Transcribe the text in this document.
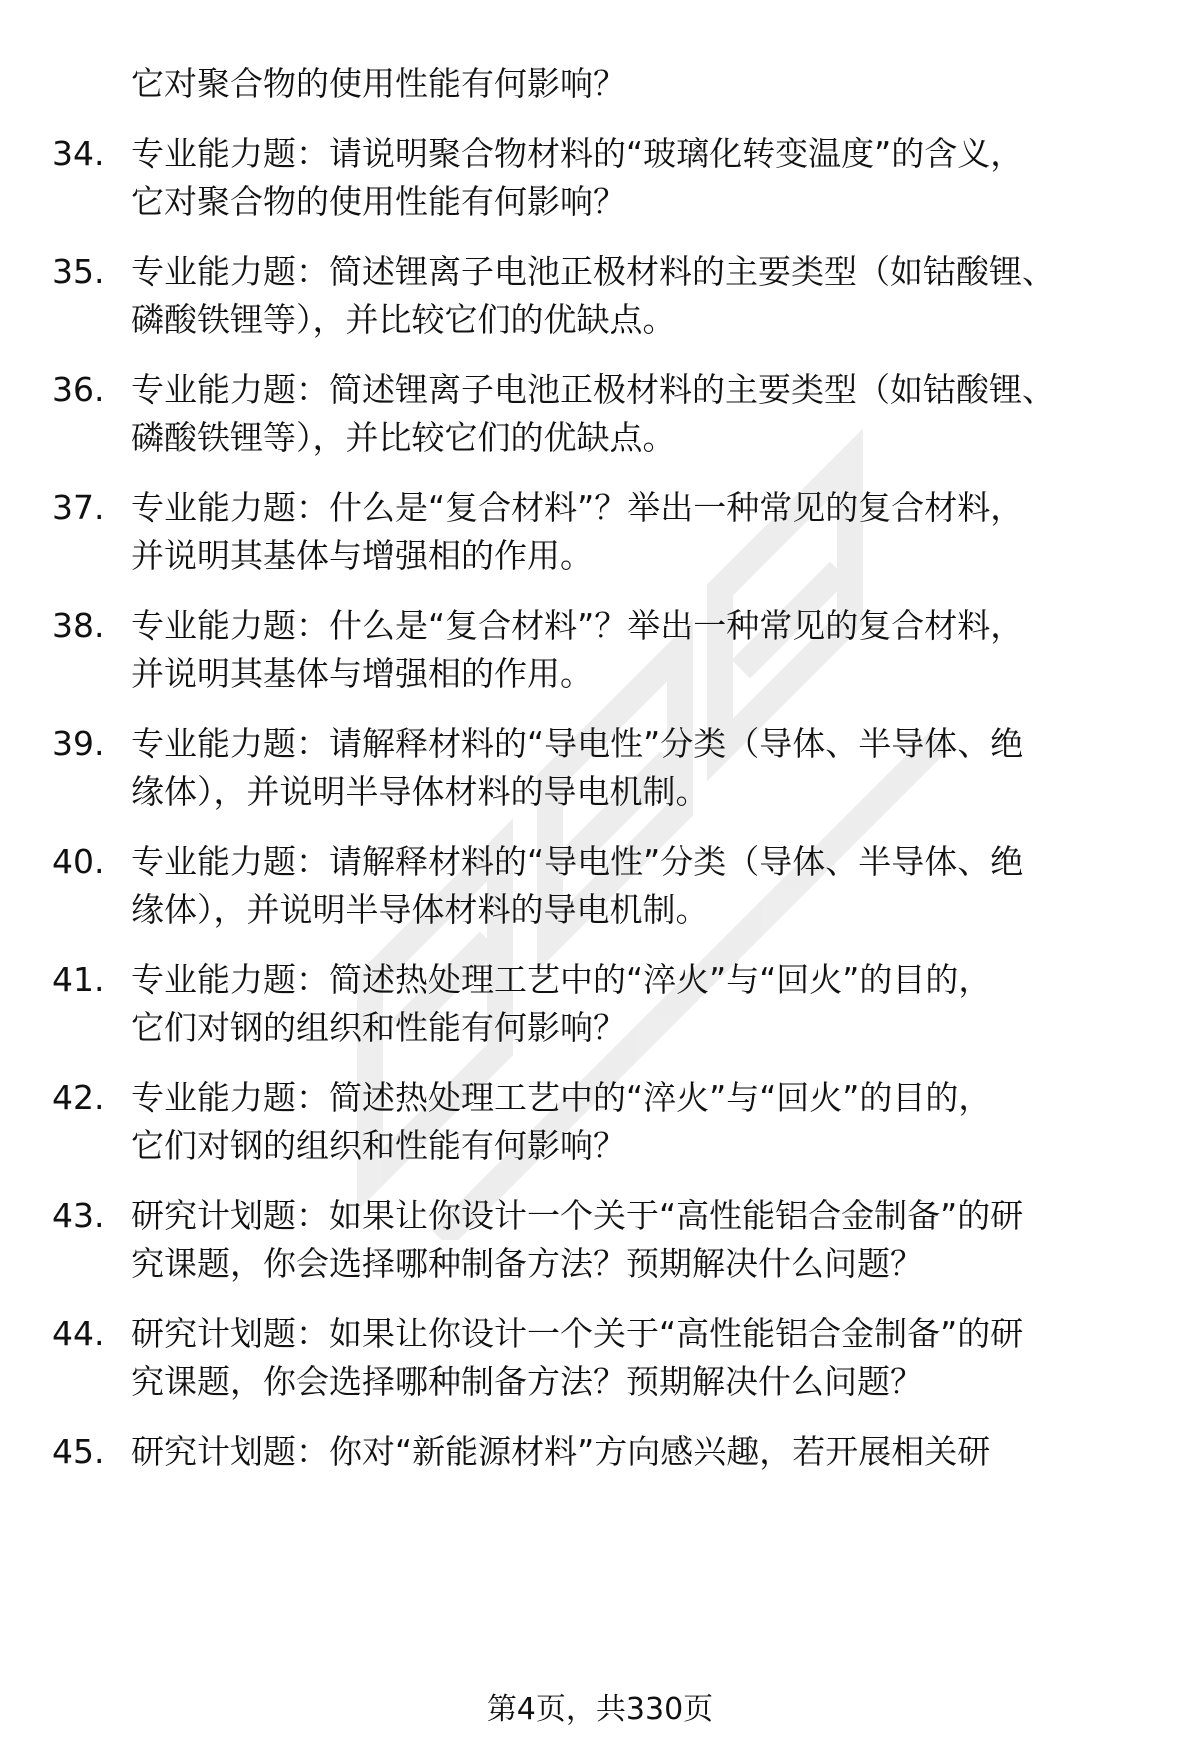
它对聚合物的使用性能有何影响？
34. 专业能力题：请说明聚合物材料的“玻璃化转变温度”的含义，
它对聚合物的使用性能有何影响？
35. 专业能力题：简述锂离子电池正极材料的主要类型（如钴酸锂、
磷酸铁锂等），并比较它们的优缺点。
36. 专业能力题：简述锂离子电池正极材料的主要类型（如钴酸锂、
磷酸铁锂等），并比较它们的优缺点。
37. 专业能力题：什么是“复合材料”？举出一种常见的复合材料，
并说明其基体与增强相的作用。
38. 专业能力题：什么是“复合材料”？举出一种常见的复合材料，
并说明其基体与增强相的作用。
39. 专业能力题：请解释材料的“导电性”分类（导体、半导体、绝
缘体），并说明半导体材料的导电机制。
40. 专业能力题：请解释材料的“导电性”分类（导体、半导体、绝
缘体），并说明半导体材料的导电机制。
41. 专业能力题：简述热处理工艺中的“淬火”与“回火”的目的，
它们对钢的组织和性能有何影响？
42. 专业能力题：简述热处理工艺中的“淬火”与“回火”的目的，
它们对钢的组织和性能有何影响？
43. 研究计划题：如果让你设计一个关于“高性能铝合金制备”的研
究课题，你会选择哪种制备方法？预期解决什么问题？
44. 研究计划题：如果让你设计一个关于“高性能铝合金制备”的研
究课题，你会选择哪种制备方法？预期解决什么问题？
45. 研究计划题：你对“新能源材料”方向感兴趣，若开展相关研
第4页，共330页
